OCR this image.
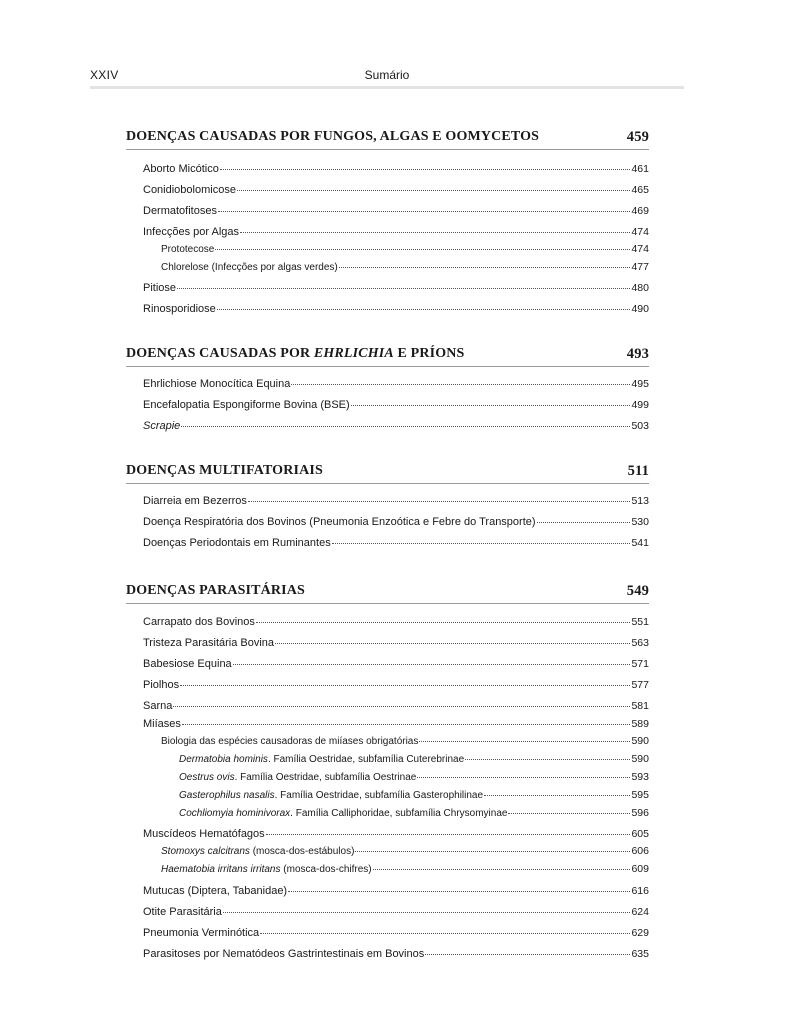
XXIV	Sumário
DOENÇAS CAUSADAS POR FUNGOS, ALGAS E OOMYCETOS	459
Aborto Micótico	461
Conidiobolomicose	465
Dermatofitoses	469
Infecções por Algas	474
Prototecose	474
Chlorelose (Infecções por algas verdes)	477
Pitiose	480
Rinosporidiose	490
DOENÇAS CAUSADAS POR EHRLICHIA E PRÍONS	493
Ehrlichiose Monocítica Equina	495
Encefalopatia Espongiforme Bovina (BSE)	499
Scrapie	503
DOENÇAS MULTIFATORIAIS	511
Diarreia em Bezerros	513
Doença Respiratória dos Bovinos (Pneumonia Enzoótica e Febre do Transporte)	530
Doenças Periodontais em Ruminantes	541
DOENÇAS PARASITÁRIAS	549
Carrapato dos Bovinos	551
Tristeza Parasitária Bovina	563
Babesiose Equina	571
Piolhos	577
Sarna	581
Miíases	589
Biologia das espécies causadoras de miíases obrigatórias	590
Dermatobia hominis. Família Oestridae, subfamília Cuterebrinae	590
Oestrus ovis. Família Oestridae, subfamília Oestrinae	593
Gasterophilus nasalis. Família Oestridae, subfamília Gasterophilinae	595
Cochliomyia hominivorax. Família Calliphoridae, subfamília Chrysomyinae	596
Muscídeos Hematófagos	605
Stomoxys calcitrans (mosca-dos-estábulos)	606
Haematobia irritans irritans (mosca-dos-chifres)	609
Mutucas (Diptera, Tabanidae)	616
Otite Parasitária	624
Pneumonia Verminótica	629
Parasitoses por Nematódeos Gastrintestinais em Bovinos	635
